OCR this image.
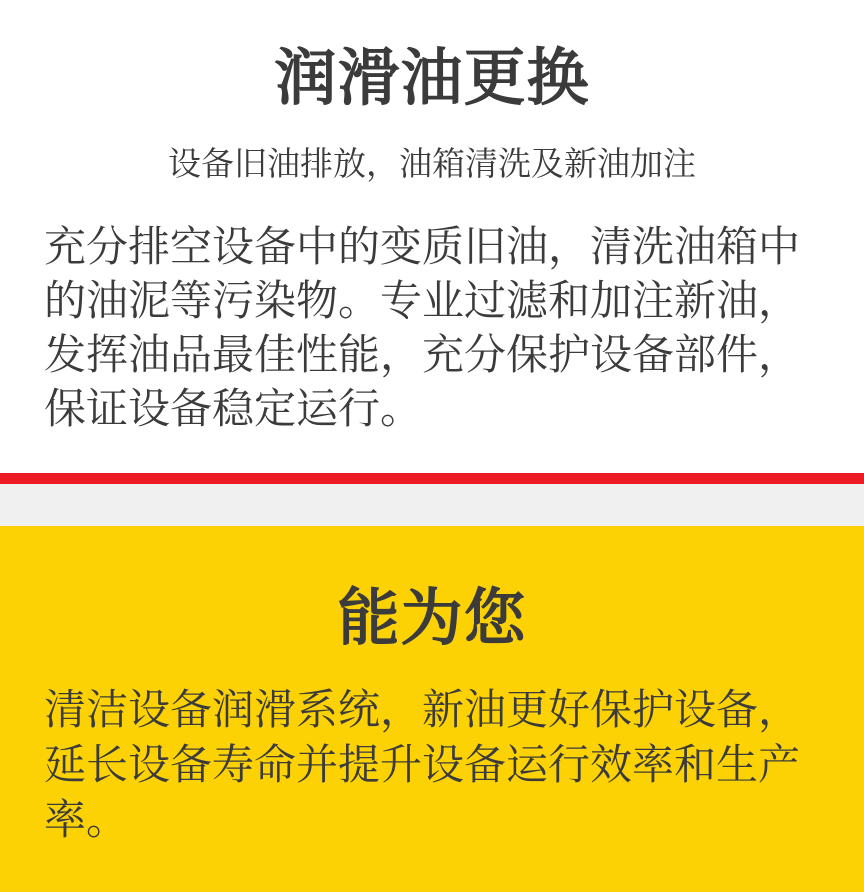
润滑油更换

设备旧油排放，油箱清洗及新油加注

充分排空设备中的变质旧油，清洗油箱中的油泥等污染物。专业过滤和加注新油，发挥油品最佳性能，充分保护设备部件，保证设备稳定运行。

能为您

清洁设备润滑系统，新油更好保护设备，延长设备寿命并提升设备运行效率和生产率。
